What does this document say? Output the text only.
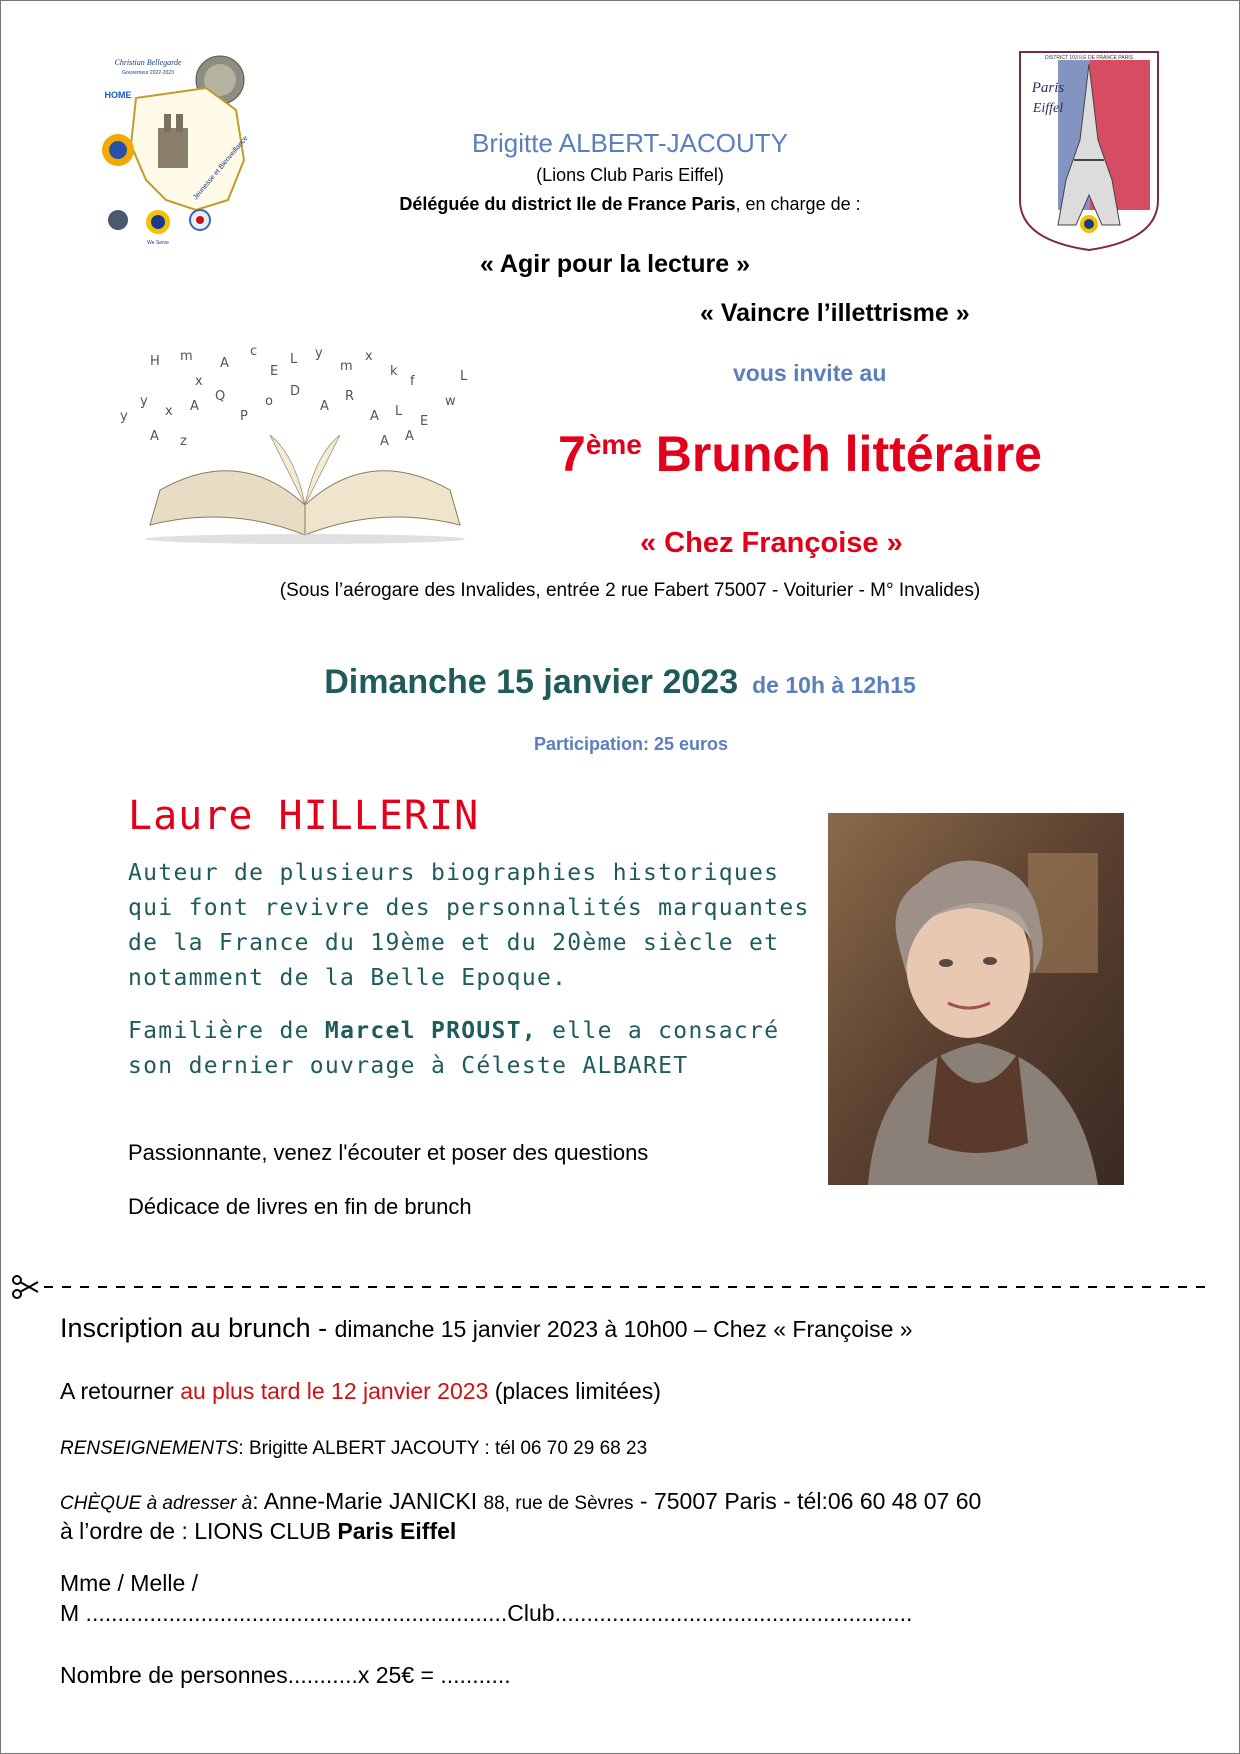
Christian Bellegarde
Gouverneur 2022-2023
HOME
Jeunesse et Bienveillance
We Serve
DISTRICT 103 ILE DE FRANCE PARIS
Paris
Eiffel
Brigitte ALBERT-JACOUTY
(Lions Club Paris Eiffel)
Déléguée du district Ile de France Paris, en charge de :
« Agir pour la lecture »
« Vaincre l’illettrisme »
H m
x
A
c
E
L y
m
x
k
f
y
x A
Q
P
o
D
A
R
A L
E
w
L
y
A z	A A
vous invite au
7ème Brunch littéraire
« Chez Françoise »
(Sous l’aérogare des Invalides, entrée 2 rue Fabert 75007 - Voiturier - M° Invalides)
Dimanche 15 janvier 2023 de 10h à 12h15
Participation: 25 euros
Laure HILLERIN
Auteur de plusieurs biographies historiques qui font revivre des personnalités marquantes de la France du 19ème et du 20ème siècle et notamment de la Belle Epoque.
Familière de Marcel PROUST, elle a consacré son dernier ouvrage à Céleste ALBARET
Passionnante, venez l'écouter et poser des questions
Dédicace de livres en fin de brunch
Inscription au brunch - dimanche 15 janvier 2023 à 10h00 – Chez « Françoise »
A retourner au plus tard le 12 janvier 2023 (places limitées)
RENSEIGNEMENTS: Brigitte ALBERT JACOUTY : tél 06 70 29 68 23
CHÈQUE à adresser à: Anne-Marie JANICKI 88, rue de Sèvres - 75007 Paris - tél:06 60 48 07 60
à l’ordre de : LIONS CLUB Paris Eiffel
Mme / Melle /
M ..................................................................Club........................................................
Nombre de personnes...........x 25€ = ...........
